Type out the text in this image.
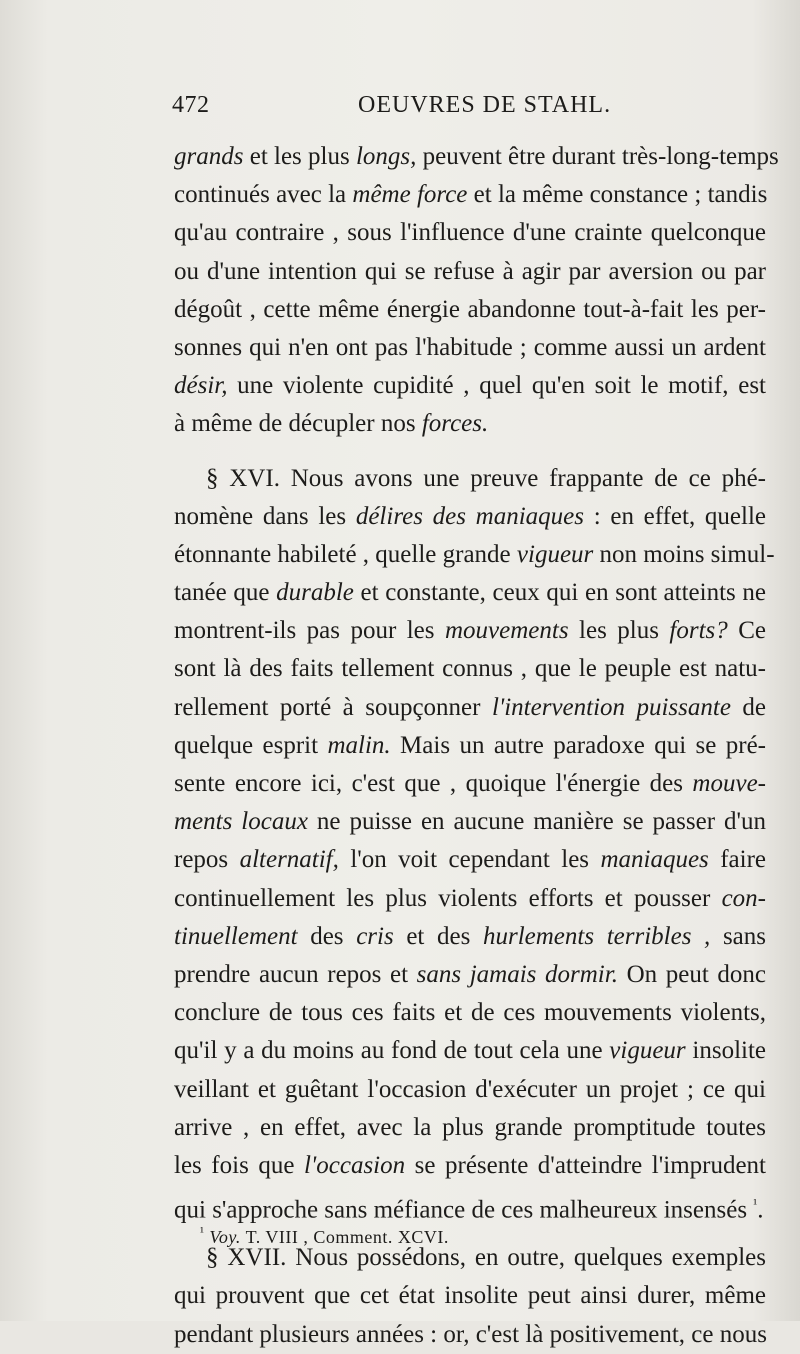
472	OEUVRES DE STAHL.
grands et les plus longs, peuvent être durant très-long-temps
continués avec la même force et la même constance ; tandis
qu'au contraire , sous l'influence d'une crainte quelconque
ou d'une intention qui se refuse à agir par aversion ou par
dégoût , cette même énergie abandonne tout-à-fait les per-
sonnes qui n'en ont pas l'habitude ; comme aussi un ardent
désir, une violente cupidité , quel qu'en soit le motif, est
à même de décupler nos forces.
§ XVI. Nous avons une preuve frappante de ce phé-
nomène dans les délires des maniaques : en effet, quelle
étonnante habileté , quelle grande vigueur non moins simul-
tanée que durable et constante, ceux qui en sont atteints ne
montrent-ils pas pour les mouvements les plus forts? Ce
sont là des faits tellement connus , que le peuple est natu-
rellement porté à soupçonner l'intervention puissante de
quelque esprit malin. Mais un autre paradoxe qui se pré-
sente encore ici, c'est que , quoique l'énergie des mouve-
ments locaux ne puisse en aucune manière se passer d'un
repos alternatif, l'on voit cependant les maniaques faire
continuellement les plus violents efforts et pousser con-
tinuellement des cris et des hurlements terribles , sans
prendre aucun repos et sans jamais dormir. On peut donc
conclure de tous ces faits et de ces mouvements violents,
qu'il y a du moins au fond de tout cela une vigueur insolite
veillant et guêtant l'occasion d'exécuter un projet ; ce qui
arrive , en effet, avec la plus grande promptitude toutes
les fois que l'occasion se présente d'atteindre l'imprudent
qui s'approche sans méfiance de ces malheureux insensés $^{^1}$.
§ XVII. Nous possédons, en outre, quelques exemples
qui prouvent que cet état insolite peut ainsi durer, même
pendant plusieurs années : or, c'est là positivement, ce nous
$^{^1}$ Voy. T. VIII , Comment. XCVI.
